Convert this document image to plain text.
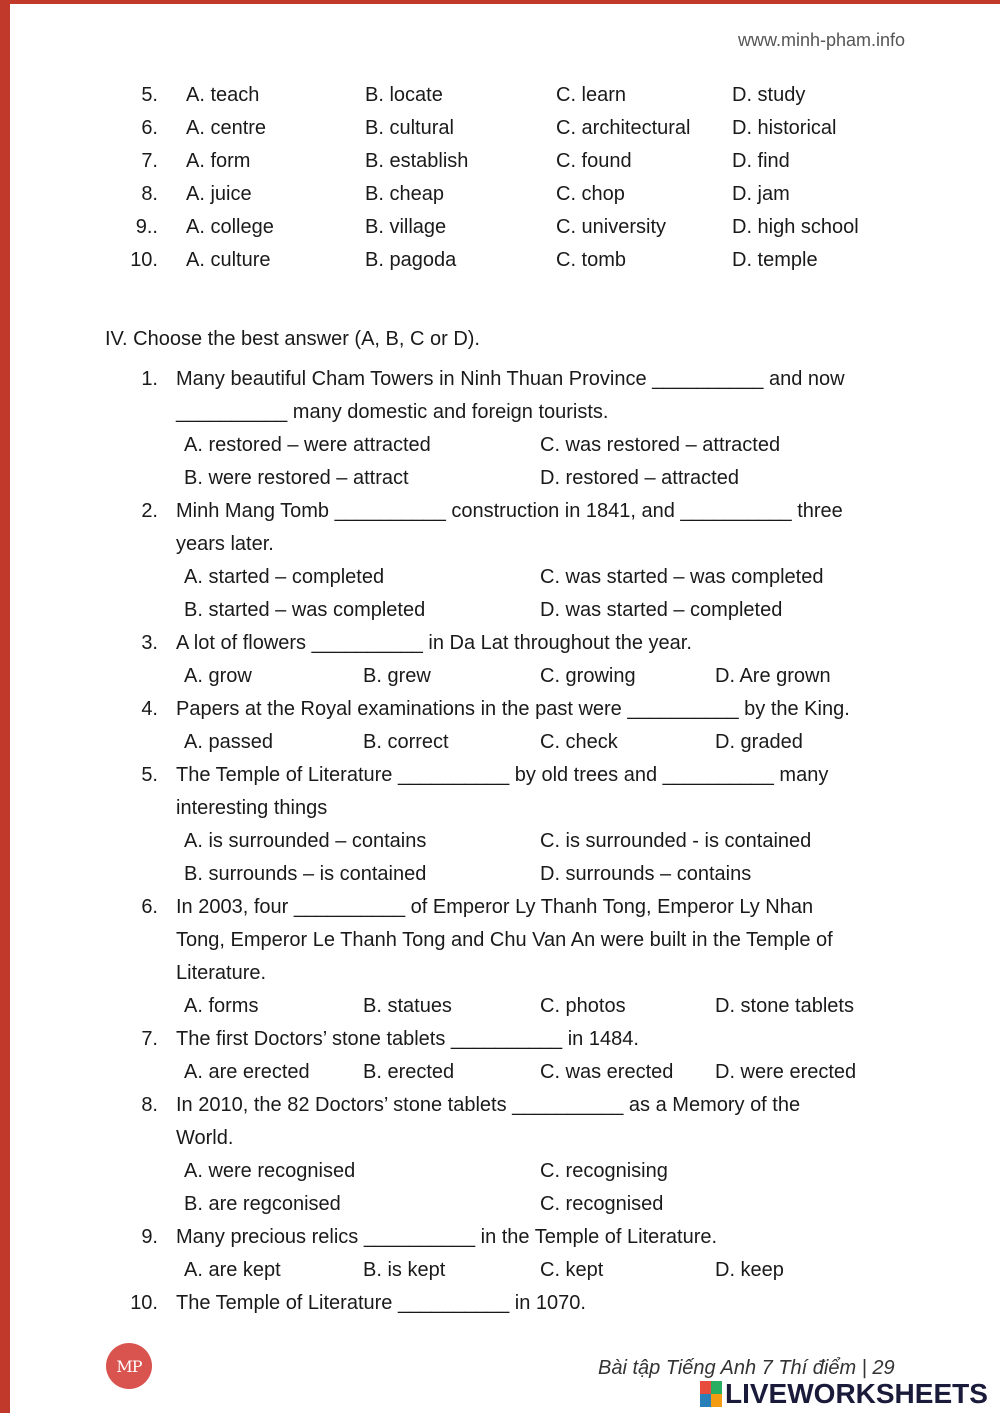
www.minh-pham.info
5. A. teach	B. locate	C. learn	D. study
6. A. centre	B. cultural	C. architectural D. historical
7. A. form	B. establish	C. found	D. find
8. A. juice	B. cheap	C. chop	D. jam
9.. A. college	B. village	C. university	D. high school
10. A. culture	B. pagoda	C. tomb	D. temple
IV. Choose the best answer (A, B, C or D).
1. Many beautiful Cham Towers in Ninh Thuan Province __________ and now
__________ many domestic and foreign tourists.
A. restored – were attracted	C. was restored – attracted
B. were restored – attract	D. restored – attracted
2. Minh Mang Tomb __________ construction in 1841, and __________ three
years later.
A. started – completed	C. was started – was completed
B. started – was completed	D. was started – completed
3. A lot of flowers __________ in Da Lat throughout the year.
A. grow	B. grew	C. growing	D. Are grown
4. Papers at the Royal examinations in the past were __________ by the King.
A. passed	B. correct	C. check	D. graded
5. The Temple of Literature __________ by old trees and __________ many
interesting things
A. is surrounded – contains	C. is surrounded - is contained
B. surrounds – is contained	D. surrounds – contains
6. In 2003, four __________ of Emperor Ly Thanh Tong, Emperor Ly Nhan
Tong, Emperor Le Thanh Tong and Chu Van An were built in the Temple of
Literature.
A. forms	B. statues	C. photos	D. stone tablets
7. The first Doctors’ stone tablets __________ in 1484.
A. are erected	B. erected	C. was erected D. were erected
8. In 2010, the 82 Doctors’ stone tablets __________ as a Memory of the
World.
A. were recognised	C. recognising
B. are regconised	C. recognised
9. Many precious relics __________ in the Temple of Literature.
A. are kept	B. is kept	C. kept	D. keep
10. The Temple of Literature __________ in 1070.
MP	Bài tập Tiếng Anh 7 Thí điểm | 29
LIVEWORKSHEETS
